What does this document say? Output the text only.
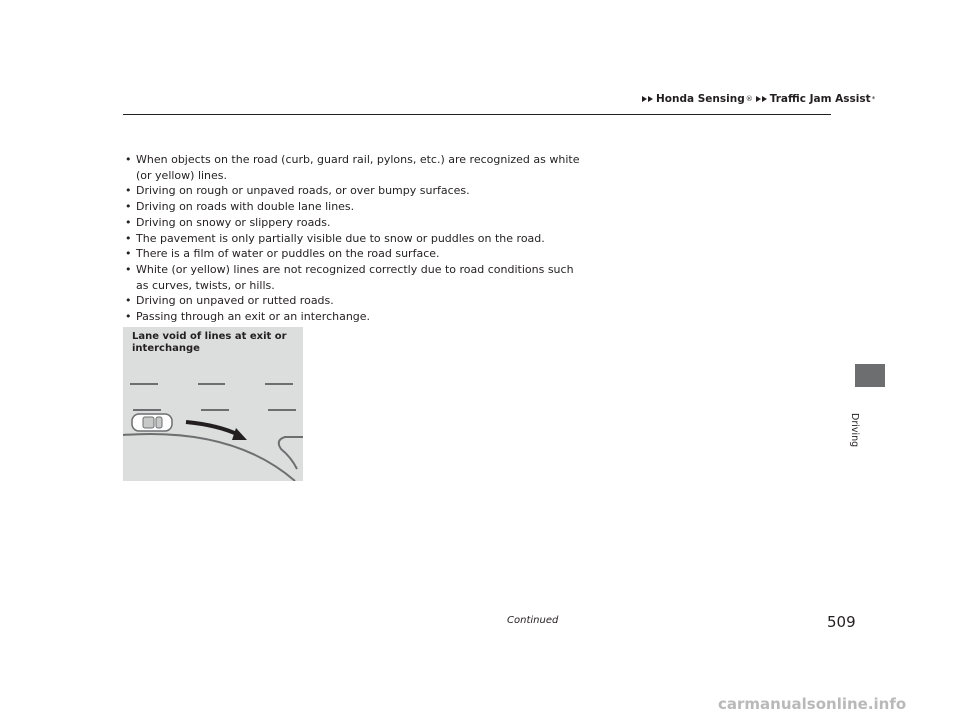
Honda Sensing ® Traffic Jam Assist *
• When objects on the road (curb, guard rail, pylons, etc.) are recognized as white (or yellow) lines.
• Driving on rough or unpaved roads, or over bumpy surfaces.
• Driving on roads with double lane lines.
• Driving on snowy or slippery roads.
• The pavement is only partially visible due to snow or puddles on the road.
• There is a film of water or puddles on the road surface.
• White (or yellow) lines are not recognized correctly due to road conditions such as curves, twists, or hills.
• Driving on unpaved or rutted roads.
• Passing through an exit or an interchange.
Lane void of lines at exit or interchange
Driving
Continued	509
carmanualsonline.info
